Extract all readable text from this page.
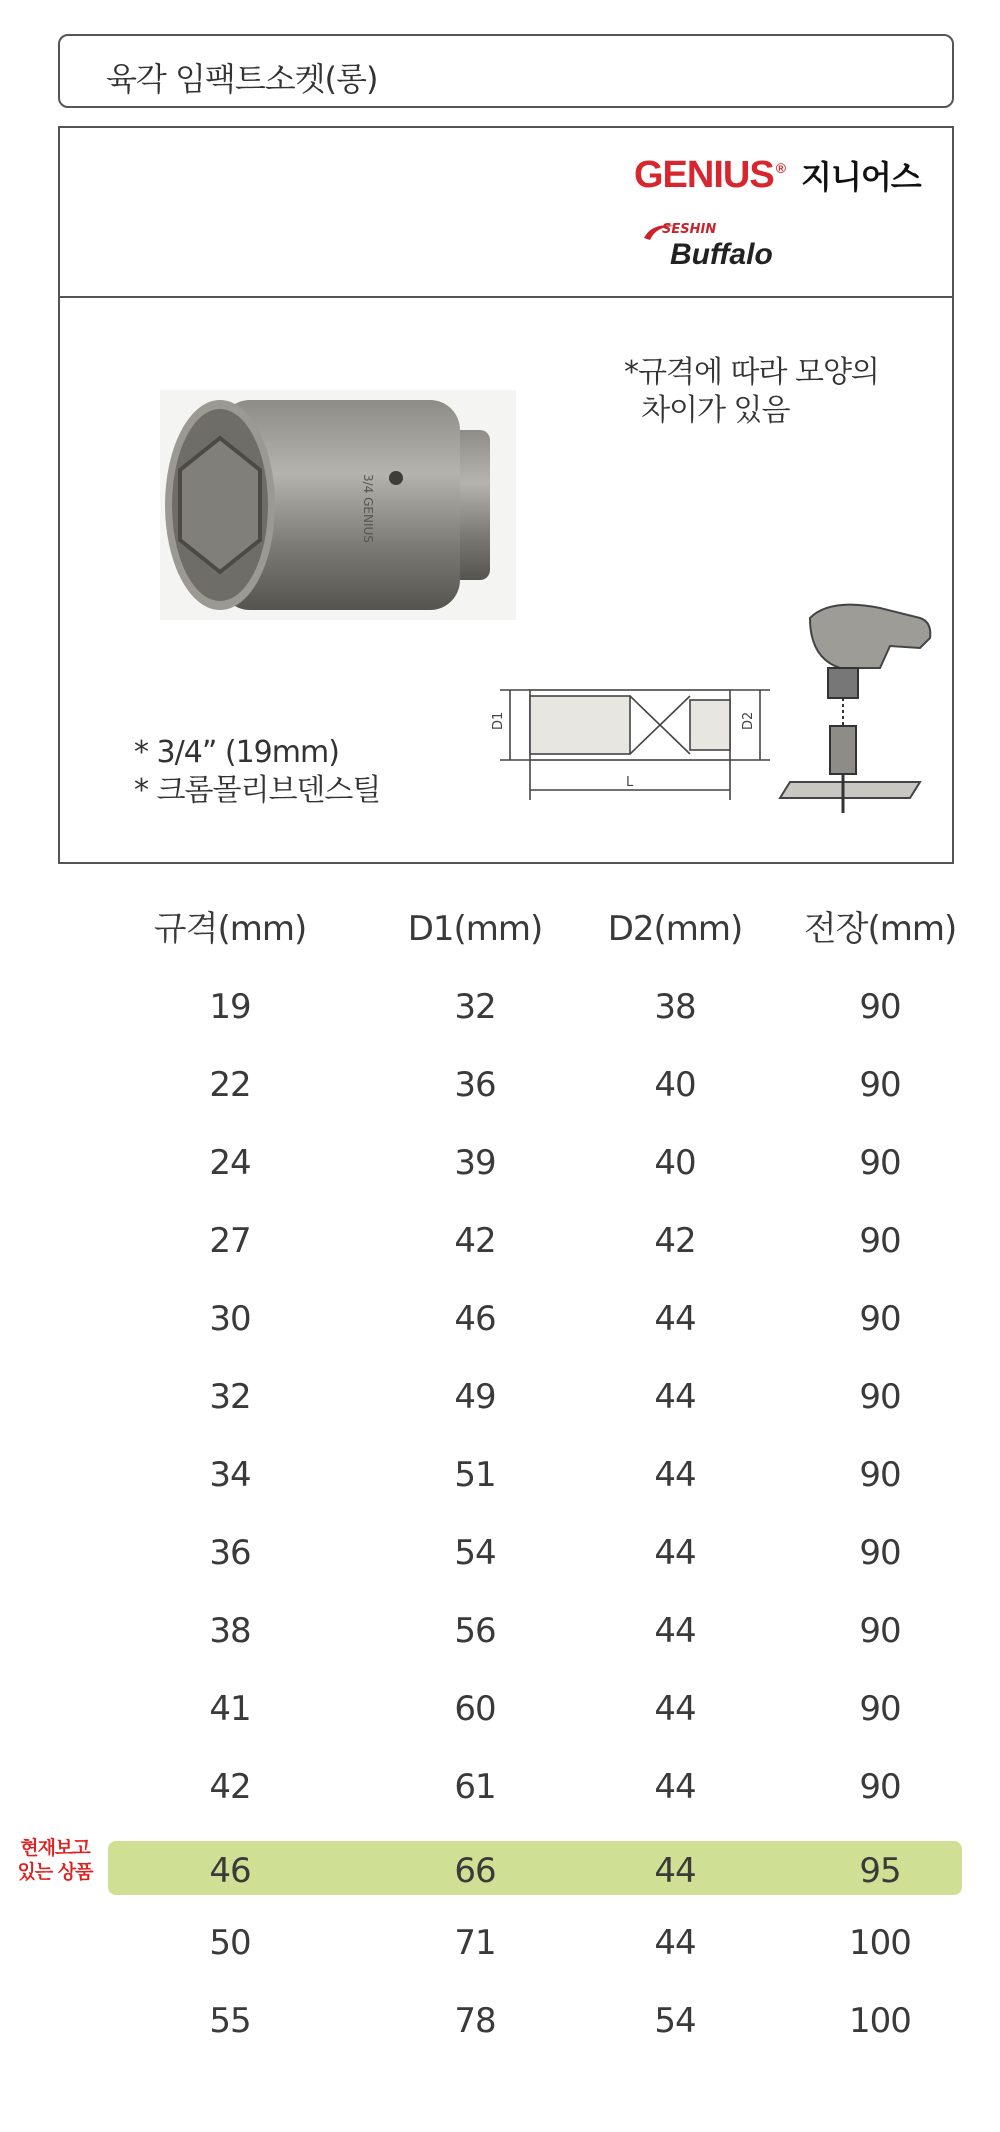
육각 임팩트소켓(롱)
GENIUS ® 지니어스
SESHIN
Buffalo
3/4 GENIUS
*규격에 따라 모양의
차이가 있음
* 3/4” (19mm)
* 크롬몰리브덴스틸
D1	D2
L
규격(mm)	D1(mm)	D2(mm)	전장(mm)
19	32	38	90
22	36	40	90
24	39	40	90
27	42	42	90
30	46	44	90
32	49	44	90
34	51	44	90
36	54	44	90
38	56	44	90
41	60	44	90
42	61	44	90
46	66	44	95
50	71	44	100
55	78	54	100
현재보고
있는 상품
